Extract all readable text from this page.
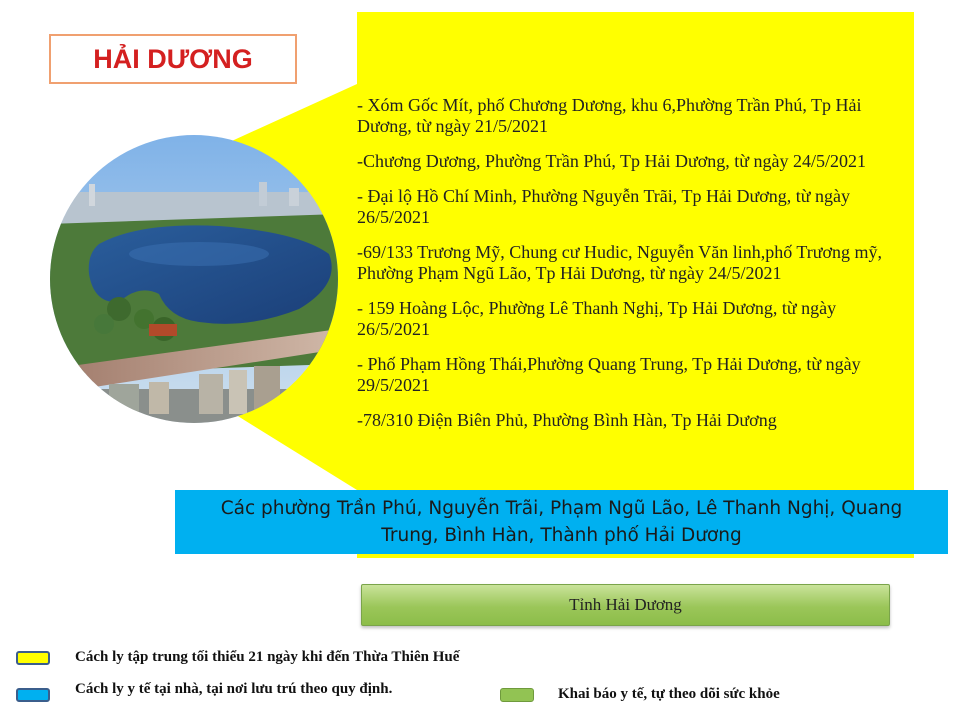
HẢI DƯƠNG
- Xóm Gốc Mít, phố Chương Dương, khu 6,Phường Trần Phú, Tp Hải Dương, từ ngày 21/5/2021
-Chương Dương, Phường Trần Phú, Tp Hải Dương, từ ngày 24/5/2021
- Đại lộ Hồ Chí Minh, Phường Nguyễn Trãi, Tp Hải Dương, từ ngày 26/5/2021
-69/133 Trương Mỹ, Chung cư Hudic, Nguyễn Văn linh,phố Trương mỹ, Phường Phạm Ngũ Lão, Tp Hải Dương, từ ngày 24/5/2021
- 159 Hoàng Lộc, Phường Lê Thanh Nghị, Tp Hải Dương, từ ngày 26/5/2021
- Phố Phạm Hồng Thái,Phường Quang Trung, Tp Hải Dương, từ ngày 29/5/2021
-78/310 Điện Biên Phủ, Phường Bình Hàn, Tp Hải Dương
Các phường Trần Phú, Nguyễn Trãi, Phạm Ngũ Lão, Lê Thanh Nghị, Quang Trung, Bình Hàn, Thành phố Hải Dương
Tỉnh Hải Dương
Cách ly tập trung tối thiểu 21 ngày khi đến Thừa Thiên Huế
Cách ly y tế tại nhà, tại nơi lưu trú theo quy định.	Khai báo y tế, tự theo dõi sức khỏe
